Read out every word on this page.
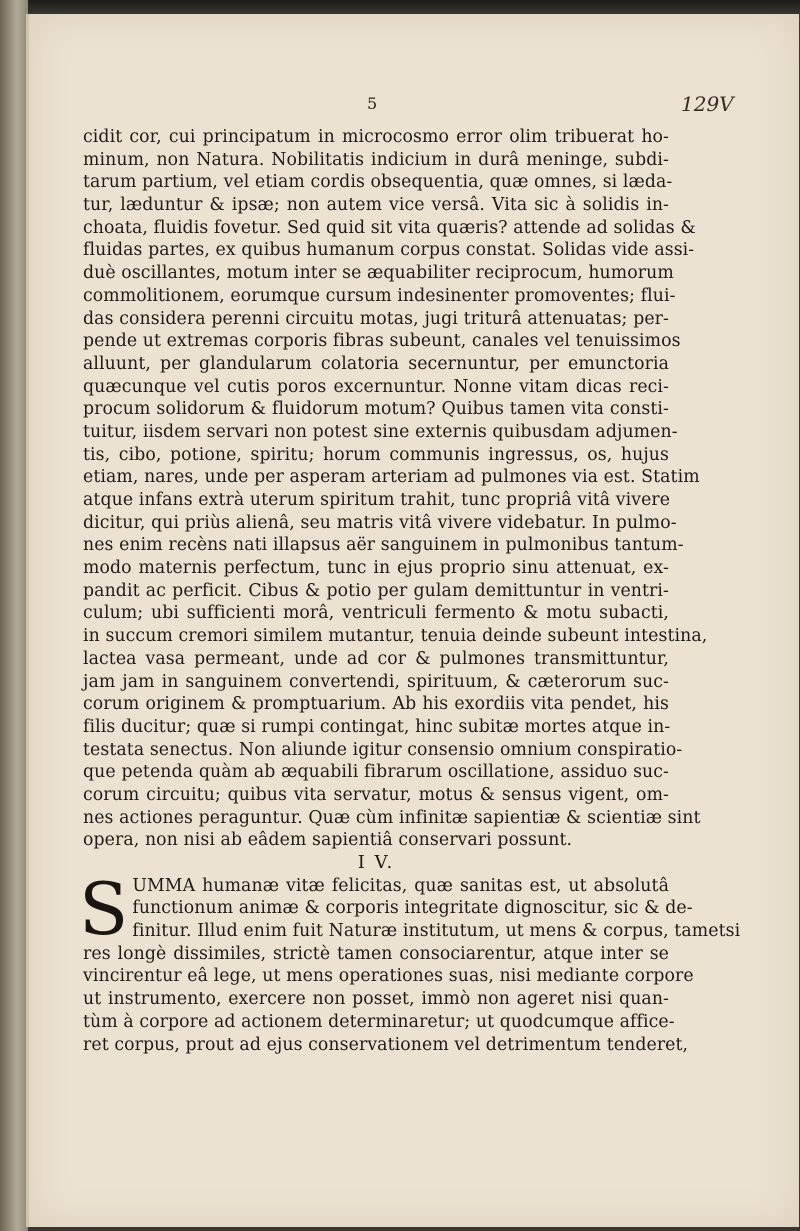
5	129V
cidit cor, cui principatum in microcosmo error olim tribuerat ho-
minum, non Natura. Nobilitatis indicium in durâ meninge, subdi-
tarum partium, vel etiam cordis obsequentia, quæ omnes, si læda-
tur, læduntur & ipsæ; non autem vice versâ. Vita sic à solidis in-
choata, fluidis fovetur. Sed quid sit vita quæris? attende ad solidas &
fluidas partes, ex quibus humanum corpus constat. Solidas vide assi-
duè oscillantes, motum inter se æquabiliter reciprocum, humorum
commolitionem, eorumque cursum indesinenter promoventes; flui-
das considera perenni circuitu motas, jugi triturâ attenuatas; per-
pende ut extremas corporis fibras subeunt, canales vel tenuissimos
alluunt, per glandularum colatoria secernuntur, per emunctoria
quæcunque vel cutis poros excernuntur. Nonne vitam dicas reci-
procum solidorum & fluidorum motum? Quibus tamen vita consti-
tuitur, iisdem servari non potest sine externis quibusdam adjumen-
tis, cibo, potione, spiritu; horum communis ingressus, os, hujus
etiam, nares, unde per asperam arteriam ad pulmones via est. Statim
atque infans extrà uterum spiritum trahit, tunc propriâ vitâ vivere
dicitur, qui priùs alienâ, seu matris vitâ vivere videbatur. In pulmo-
nes enim recèns nati illapsus aër sanguinem in pulmonibus tantum-
modo maternis perfectum, tunc in ejus proprio sinu attenuat, ex-
pandit ac perficit. Cibus & potio per gulam demittuntur in ventri-
culum; ubi sufficienti morâ, ventriculi fermento & motu subacti,
in succum cremori similem mutantur, tenuia deinde subeunt intestina,
lactea vasa permeant, unde ad cor & pulmones transmittuntur,
jam jam in sanguinem convertendi, spirituum, & cæterorum suc-
corum originem & promptuarium. Ab his exordiis vita pendet, his
filis ducitur; quæ si rumpi contingat, hinc subitæ mortes atque in-
testata senectus. Non aliunde igitur consensio omnium conspiratio-
que petenda quàm ab æquabili fibrarum oscillatione, assiduo suc-
corum circuitu; quibus vita servatur, motus & sensus vigent, om-
nes actiones peraguntur. Quæ cùm infinitæ sapientiæ & scientiæ sint
opera, non nisi ab eâdem sapientiâ conservari possunt.
I V.
S UMMA humanæ vitæ felicitas, quæ sanitas est, ut absolutâ
functionum animæ & corporis integritate dignoscitur, sic & de-
finitur. Illud enim fuit Naturæ institutum, ut mens & corpus, tametsi
res longè dissimiles, strictè tamen consociarentur, atque inter se
vincirentur eâ lege, ut mens operationes suas, nisi mediante corpore
ut instrumento, exercere non posset, immò non ageret nisi quan-
tùm à corpore ad actionem determinaretur; ut quodcumque affice-
ret corpus, prout ad ejus conservationem vel detrimentum tenderet,
